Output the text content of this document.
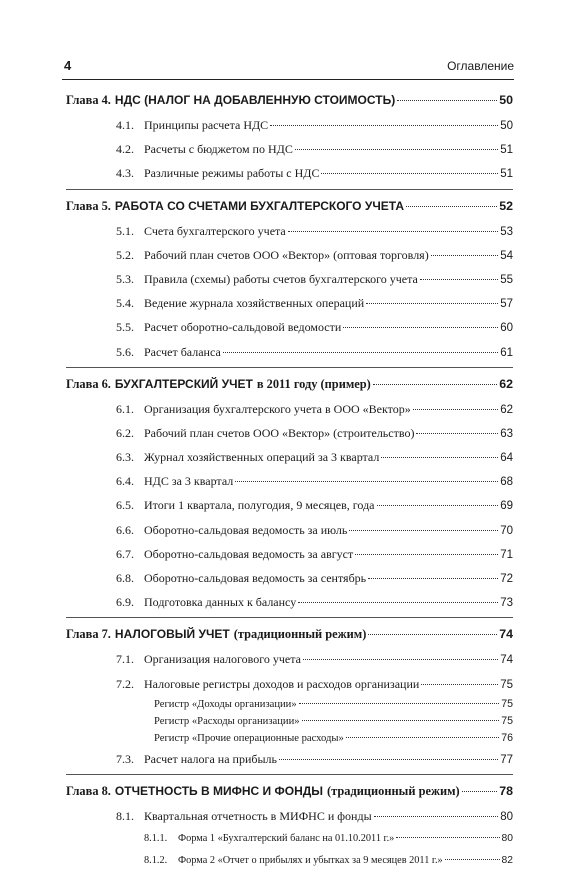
4	Оглавление
Глава 4. НДС (НАЛОГ НА ДОБАВЛЕННУЮ СТОИМОСТЬ)	50
4.1. Принципы расчета НДС	50
4.2. Расчеты с бюджетом по НДС	51
4.3. Различные режимы работы с НДС	51
Глава 5. РАБОТА СО СЧЕТАМИ БУХГАЛТЕРСКОГО УЧЕТА	52
5.1. Счета бухгалтерского учета	53
5.2. Рабочий план счетов ООО «Вектор» (оптовая торговля)	54
5.3. Правила (схемы) работы счетов бухгалтерского учета	55
5.4. Ведение журнала хозяйственных операций	57
5.5. Расчет оборотно-сальдовой ведомости	60
5.6. Расчет баланса	61
Глава 6. БУХГАЛТЕРСКИЙ УЧЕТ в 2011 году (пример)	62
6.1. Организация бухгалтерского учета в ООО «Вектор»	62
6.2. Рабочий план счетов ООО «Вектор» (строительство)	63
6.3. Журнал хозяйственных операций за 3 квартал	64
6.4. НДС за 3 квартал	68
6.5. Итоги 1 квартала, полугодия, 9 месяцев, года	69
6.6. Оборотно-сальдовая ведомость за июль	70
6.7. Оборотно-сальдовая ведомость за август	71
6.8. Оборотно-сальдовая ведомость за сентябрь	72
6.9. Подготовка данных к балансу	73
Глава 7. НАЛОГОВЫЙ УЧЕТ (традиционный режим)	74
7.1. Организация налогового учета	74
7.2. Налоговые регистры доходов и расходов организации	75
Регистр «Доходы организации»	75
Регистр «Расходы организации»	75
Регистр «Прочие операционные расходы»	76
7.3. Расчет налога на прибыль	77
Глава 8. ОТЧЕТНОСТЬ В МИФНС И ФОНДЫ (традиционный режим)	78
8.1. Квартальная отчетность в МИФНС и фонды	80
8.1.1. Форма 1 «Бухгалтерский баланс на 01.10.2011 г.»	80
8.1.2. Форма 2 «Отчет о прибылях и убытках за 9 месяцев 2011 г.»	82
